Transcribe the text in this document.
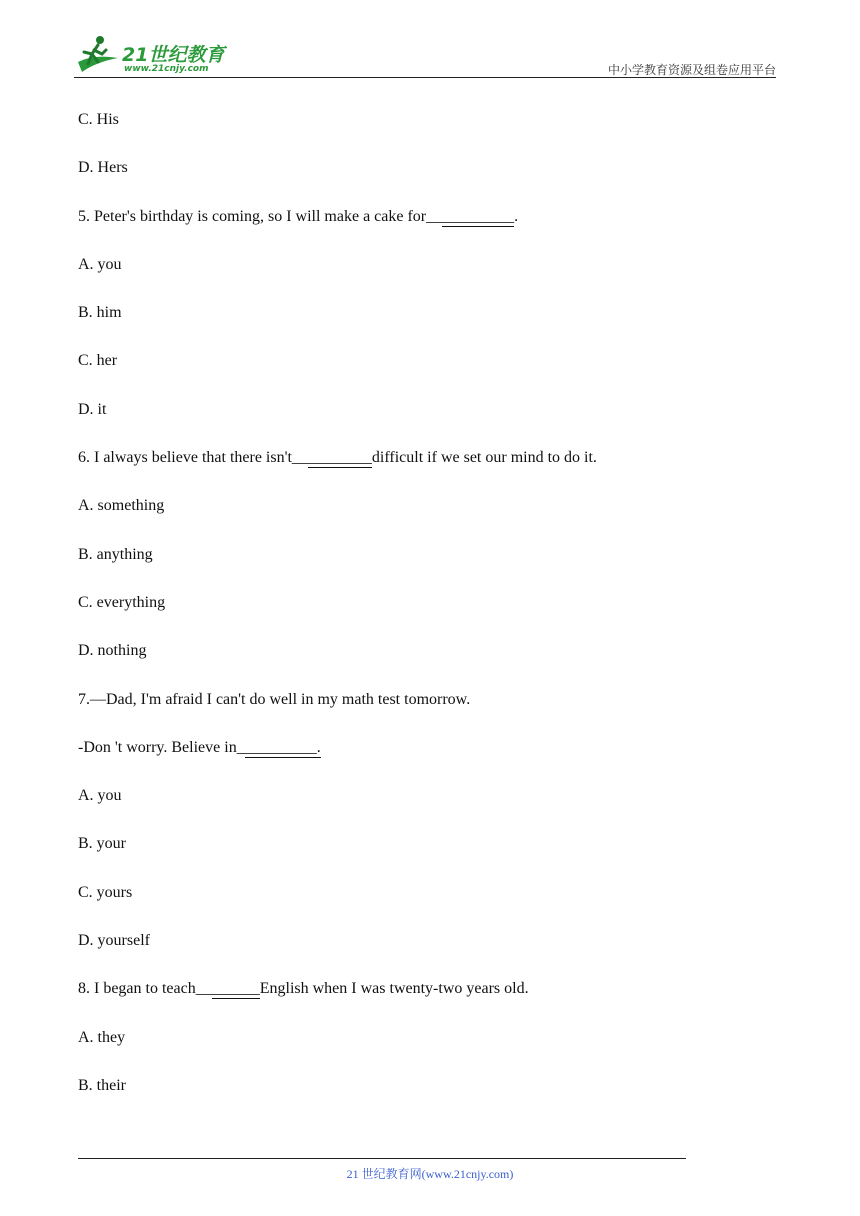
21世纪教育
www.21cnjy.com	中小学教育资源及组卷应用平台
C. His
D. Hers
5. Peter's birthday is coming, so I will make a cake for___________.
A. you
B. him
C. her
D. it
6. I always believe that there isn't__________difficult if we set our mind to do it.
A. something
B. anything
C. everything
D. nothing
7.—Dad, I'm afraid I can't do well in my math test tomorrow.
-Don 't worry. Believe in__________.
A. you
B. your
C. yours
D. yourself
8. I began to teach________English when I was twenty-two years old.
A. they
B. their
21 世纪教育网(www.21cnjy.com)
